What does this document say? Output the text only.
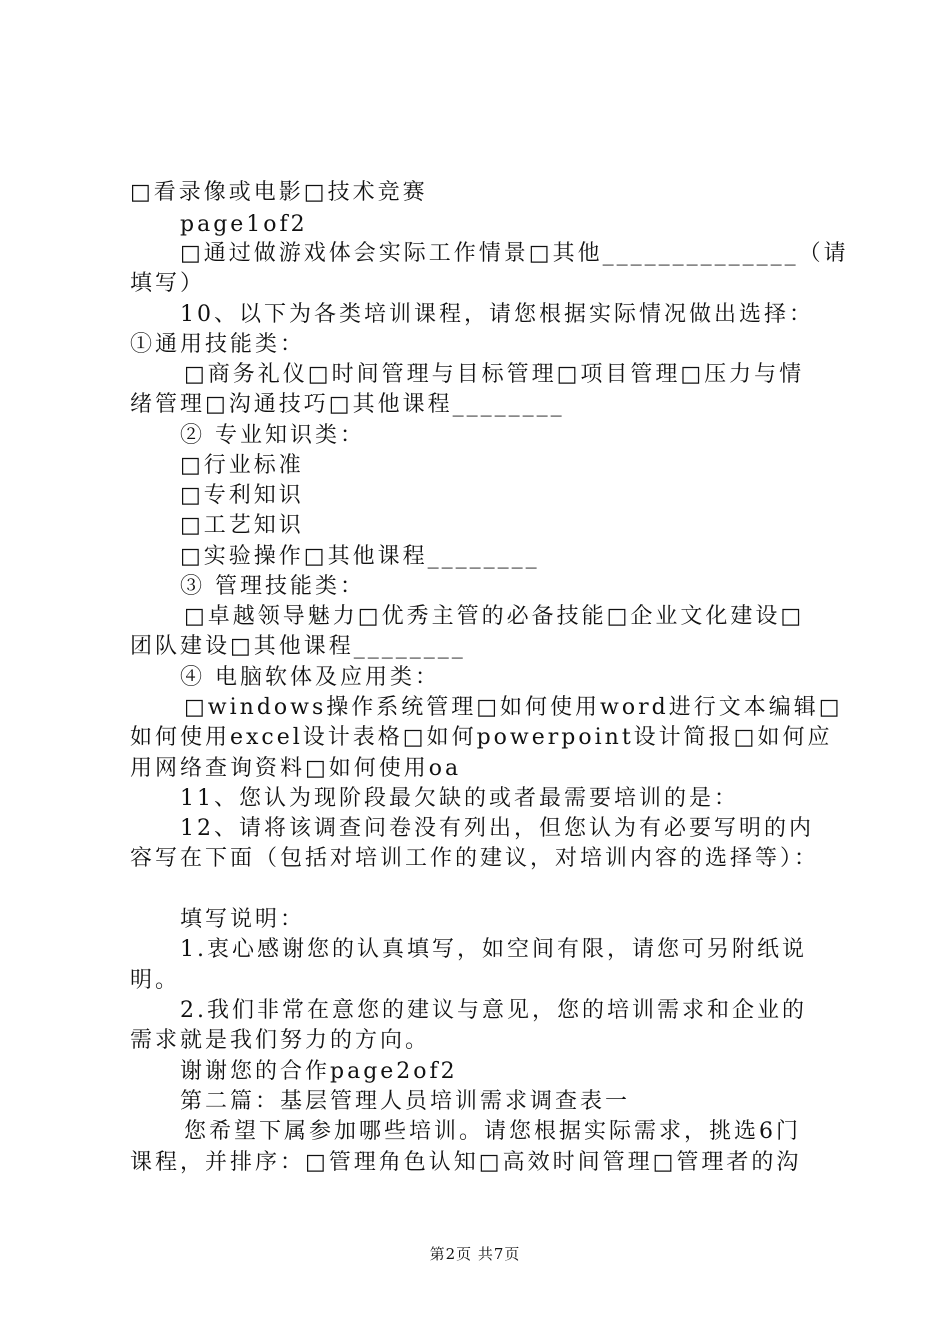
□看录像或电影□技术竞赛
page1of2
□通过做游戏体会实际工作情景□其他______________（请
填写）
10、以下为各类培训课程，请您根据实际情况做出选择：
①通用技能类：
□商务礼仪□时间管理与目标管理□项目管理□压力与情
绪管理□沟通技巧□其他课程________
② 专业知识类：
□行业标准
□专利知识
□工艺知识
□实验操作□其他课程________
③ 管理技能类：
□卓越领导魅力□优秀主管的必备技能□企业文化建设□
团队建设□其他课程________
④ 电脑软体及应用类：
□windows操作系统管理□如何使用word进行文本编辑□
如何使用excel设计表格□如何powerpoint设计简报□如何应
用网络查询资料□如何使用oa
11、您认为现阶段最欠缺的或者最需要培训的是：
12、请将该调查问卷没有列出，但您认为有必要写明的内
容写在下面（包括对培训工作的建议，对培训内容的选择等）：
填写说明：
1.衷心感谢您的认真填写，如空间有限，请您可另附纸说
明。
2.我们非常在意您的建议与意见，您的培训需求和企业的
需求就是我们努力的方向。
谢谢您的合作page2of2
第二篇：基层管理人员培训需求调查表一
您希望下属参加哪些培训。请您根据实际需求，挑选6门
课程，并排序：□管理角色认知□高效时间管理□管理者的沟
第2页 共7页
